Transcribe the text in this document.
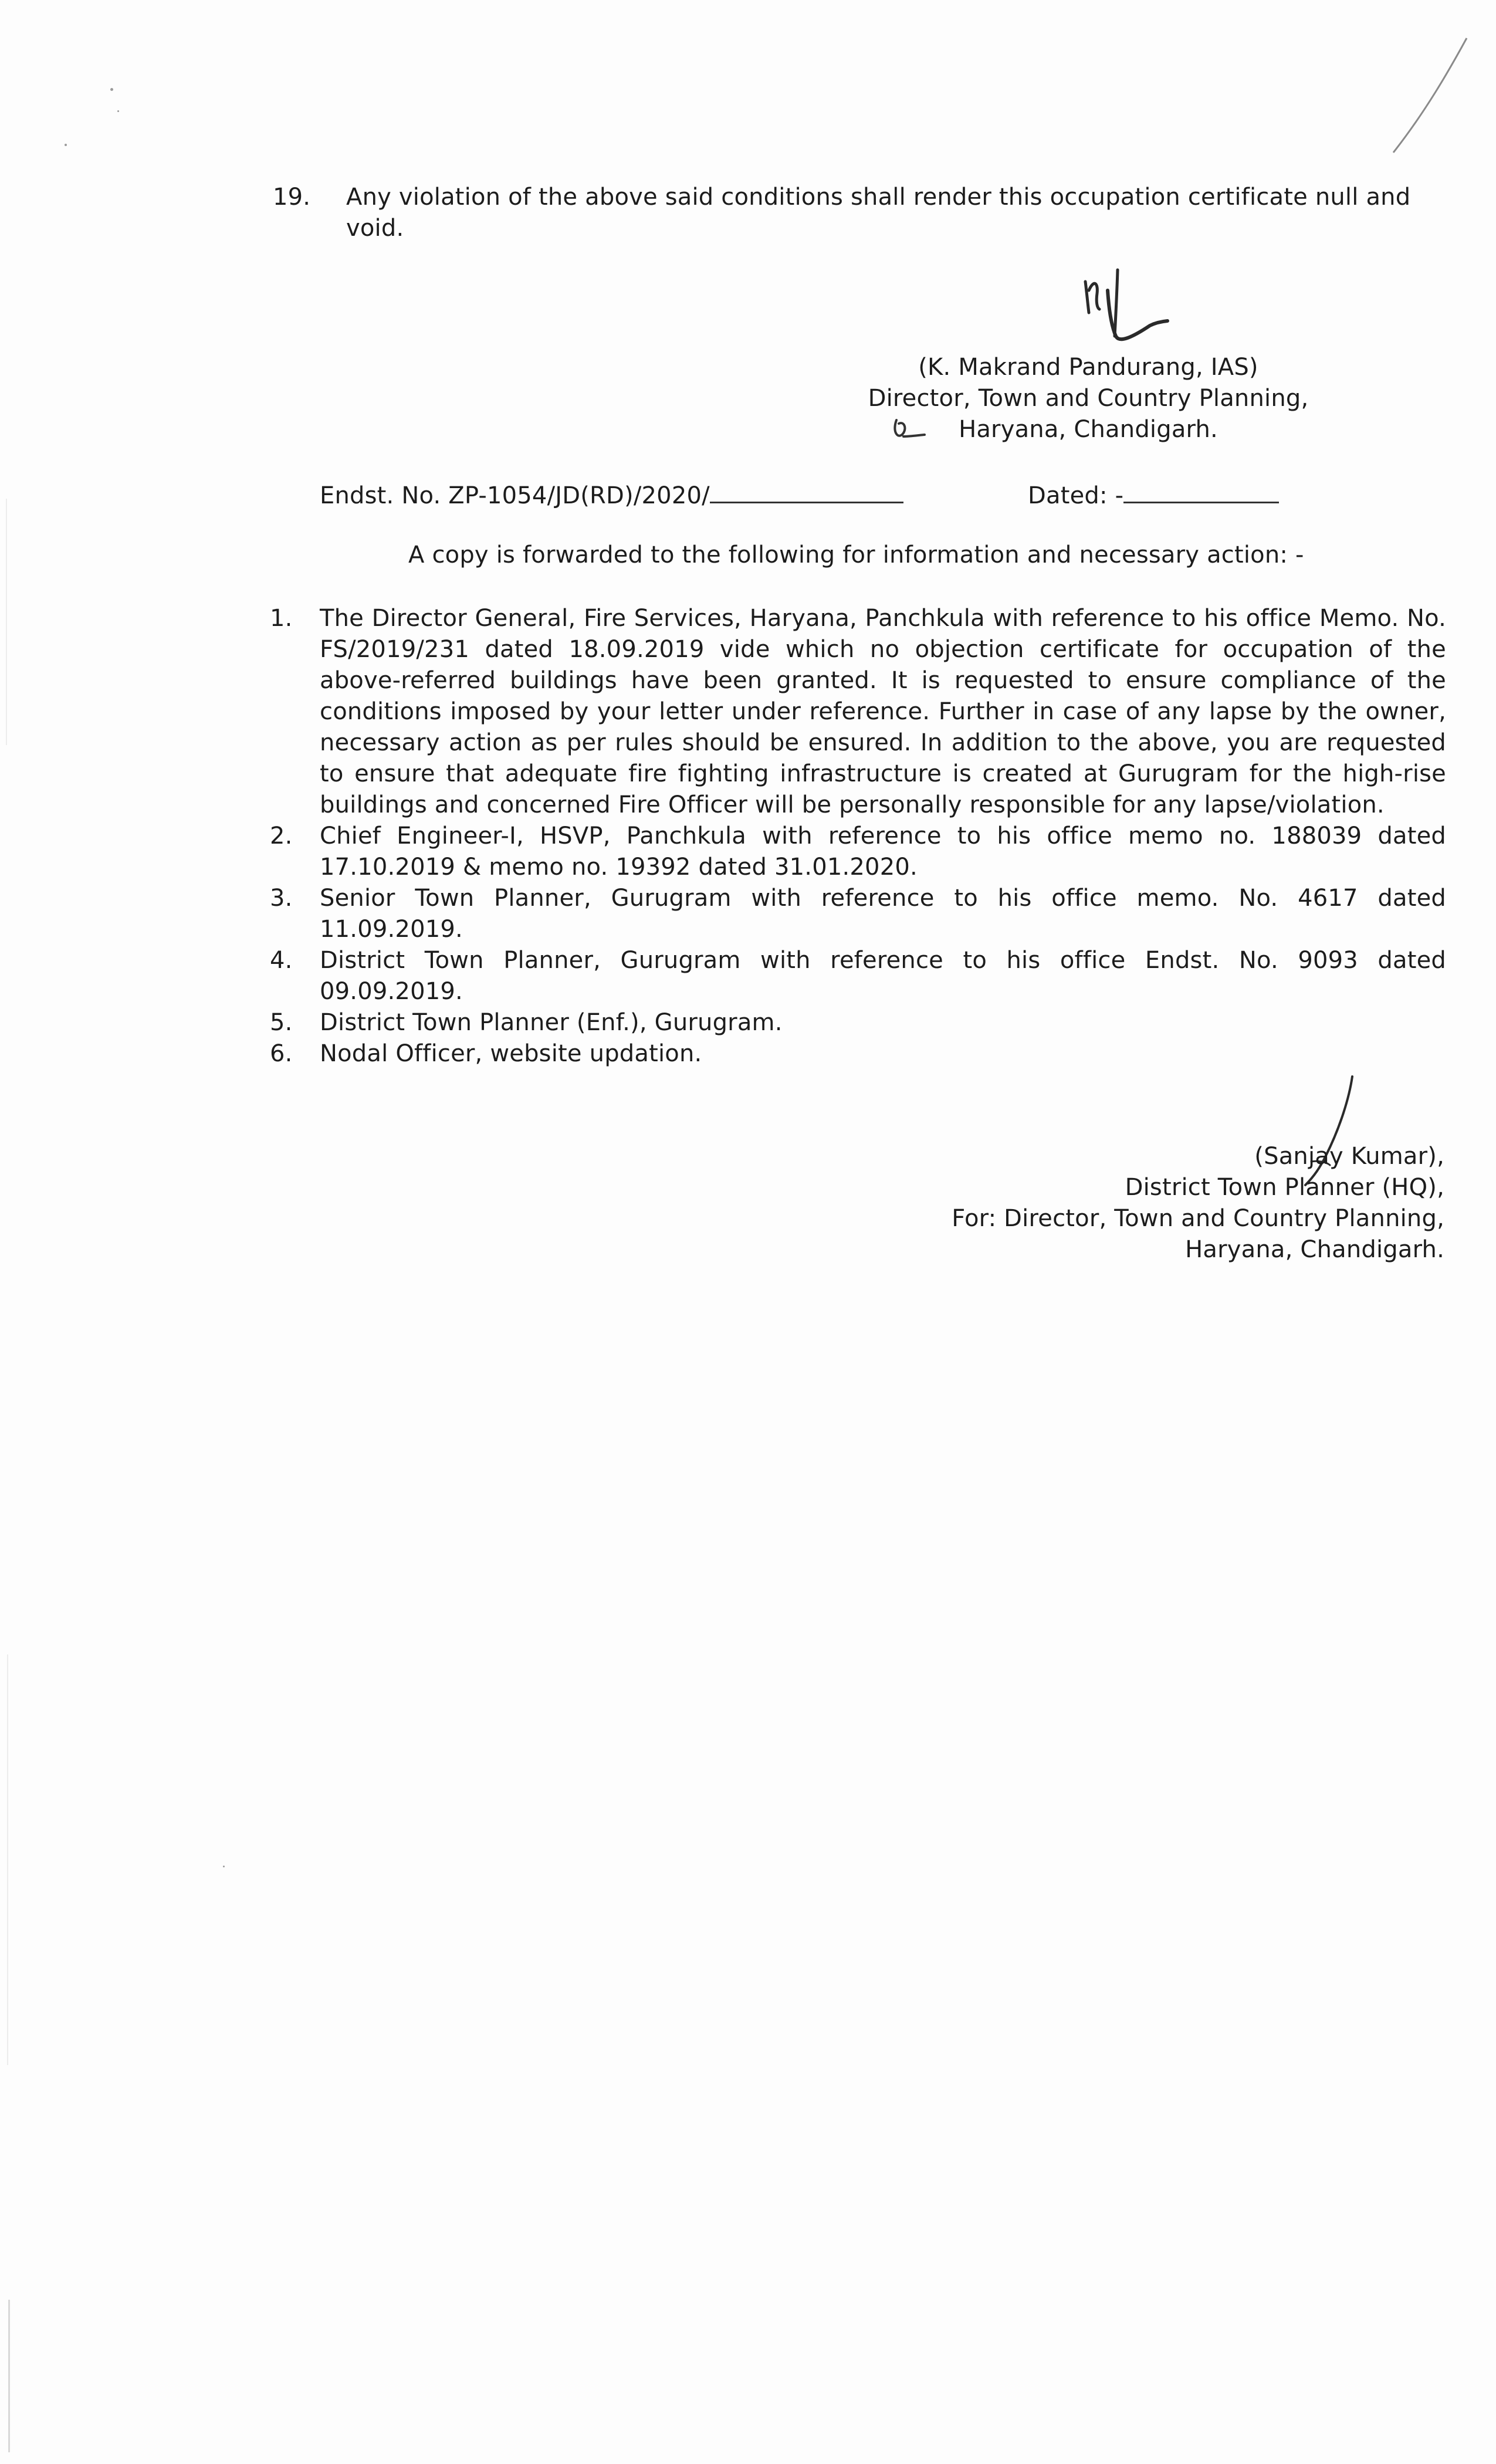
19. Any violation of the above said conditions shall render this occupation certificate null and void.
(K. Makrand Pandurang, IAS)
Director, Town and Country Planning,
Haryana, Chandigarh.
Endst. No. ZP-1054/JD(RD)/2020/	Dated: -
A copy is forwarded to the following for information and necessary action: -
1.	The Director General, Fire Services, Haryana, Panchkula with reference to his office Memo. No. FS/2019/231 dated 18.09.2019 vide which no objection certificate for occupation of the above-referred buildings have been granted. It is requested to ensure compliance of the conditions imposed by your letter under reference. Further in case of any lapse by the owner, necessary action as per rules should be ensured. In addition to the above, you are requested to ensure that adequate fire fighting infrastructure is created at Gurugram for the high-rise buildings and concerned Fire Officer will be personally responsible for any lapse/violation.
2.	Chief Engineer-I, HSVP, Panchkula with reference to his office memo no. 188039 dated 17.10.2019 & memo no. 19392 dated 31.01.2020.
3.	Senior Town Planner, Gurugram with reference to his office memo. No. 4617 dated 11.09.2019.
4.	District Town Planner, Gurugram with reference to his office Endst. No. 9093 dated 09.09.2019.
5.	District Town Planner (Enf.), Gurugram.
6.	Nodal Officer, website updation.
(Sanjay Kumar),
District Town Planner (HQ),
For: Director, Town and Country Planning,
Haryana, Chandigarh.
